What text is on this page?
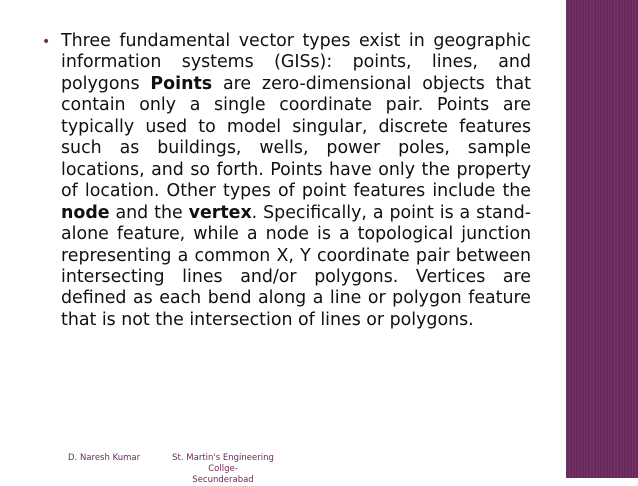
• Three fundamental vector types exist in geographic information systems (GISs): points, lines, and polygons Points are zero-dimensional objects that contain only a single coordinate pair. Points are typically used to model singular, discrete features such as buildings, wells, power poles, sample locations, and so forth. Points have only the property of location. Other types of point features include the node and the vertex. Specifically, a point is a stand-alone feature, while a node is a topological junction representing a common X, Y coordinate pair between intersecting lines and/or polygons. Vertices are defined as each bend along a line or polygon feature that is not the intersection of lines or polygons.

D. Naresh Kumar	St. Martin's Engineering Collge-
Secunderabad
